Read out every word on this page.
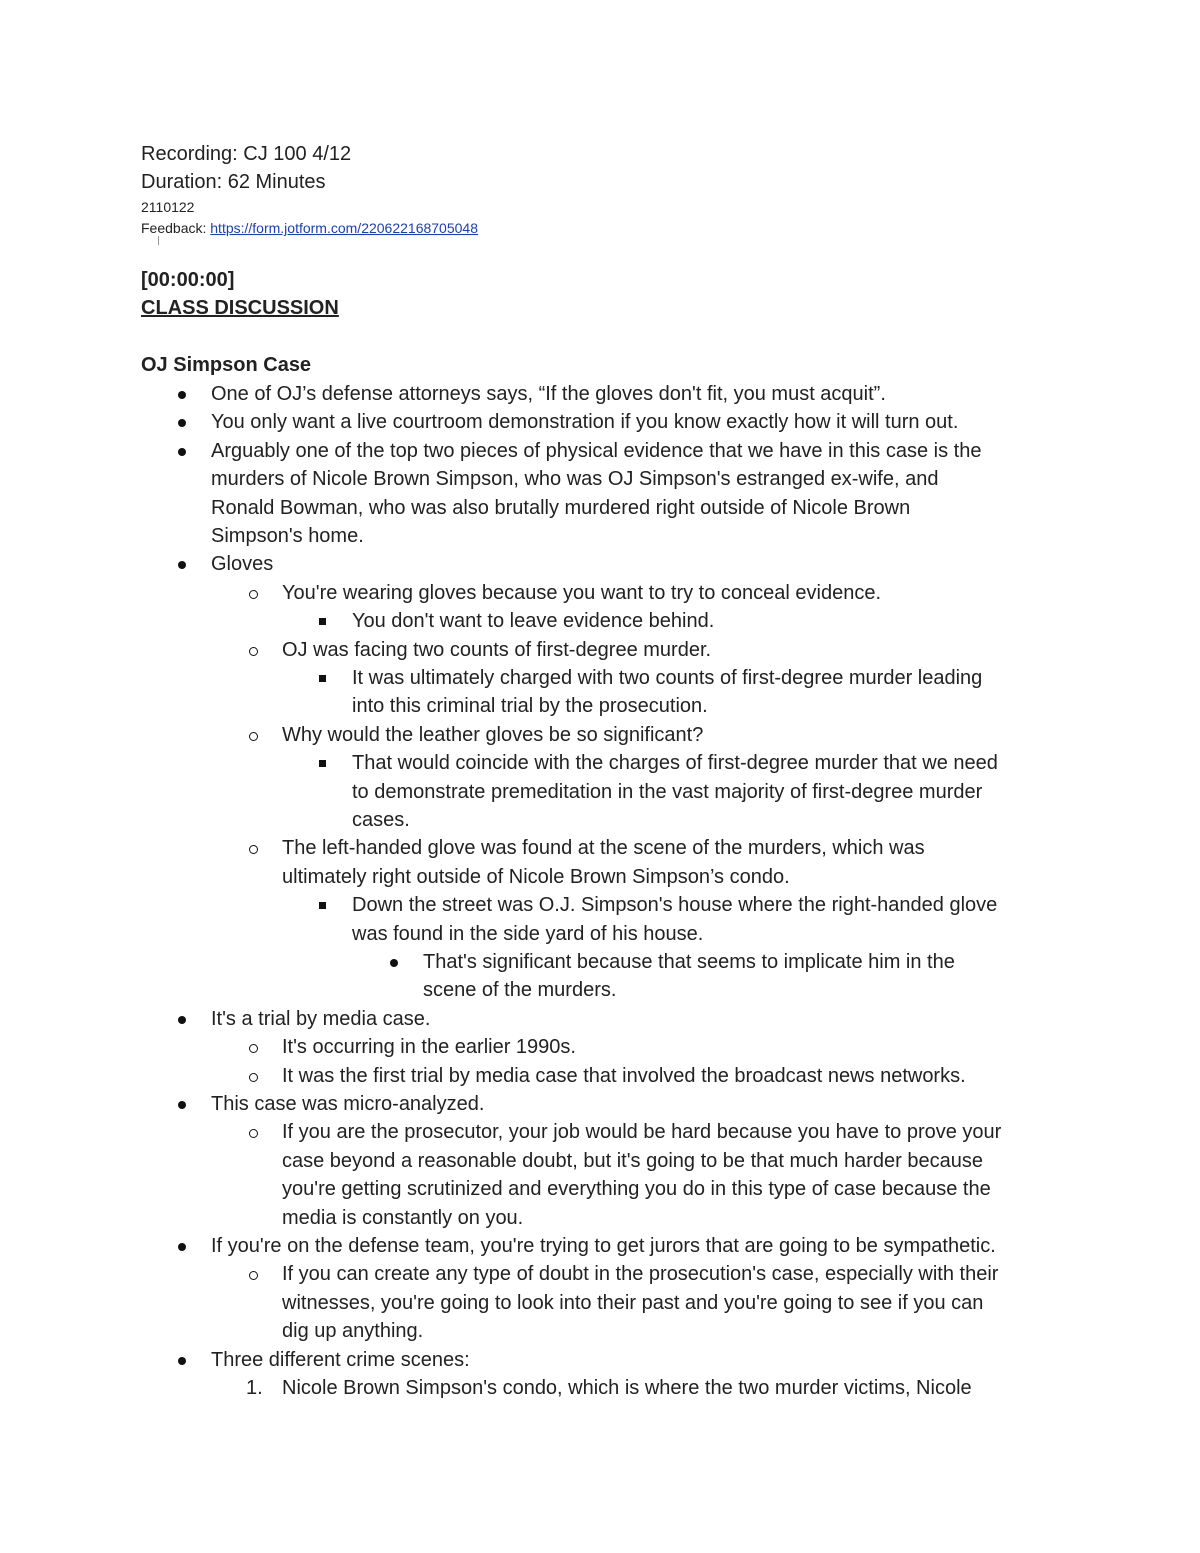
Recording: CJ 100 4/12
Duration: 62 Minutes
2110122
Feedback: https://form.jotform.com/220622168705048
[00:00:00]
CLASS DISCUSSION
OJ Simpson Case
One of OJ’s defense attorneys says, “If the gloves don't fit, you must acquit”.
You only want a live courtroom demonstration if you know exactly how it will turn out.
Arguably one of the top two pieces of physical evidence that we have in this case is the
murders of Nicole Brown Simpson, who was OJ Simpson's estranged ex-wife, and
Ronald Bowman, who was also brutally murdered right outside of Nicole Brown
Simpson's home.
Gloves
You're wearing gloves because you want to try to conceal evidence.
You don't want to leave evidence behind.
OJ was facing two counts of first-degree murder.
It was ultimately charged with two counts of first-degree murder leading
into this criminal trial by the prosecution.
Why would the leather gloves be so significant?
That would coincide with the charges of first-degree murder that we need
to demonstrate premeditation in the vast majority of first-degree murder
cases.
The left-handed glove was found at the scene of the murders, which was
ultimately right outside of Nicole Brown Simpson’s condo.
Down the street was O.J. Simpson's house where the right-handed glove
was found in the side yard of his house.
That's significant because that seems to implicate him in the
scene of the murders.
It's a trial by media case.
It's occurring in the earlier 1990s.
It was the first trial by media case that involved the broadcast news networks.
This case was micro-analyzed.
If you are the prosecutor, your job would be hard because you have to prove your
case beyond a reasonable doubt, but it's going to be that much harder because
you're getting scrutinized and everything you do in this type of case because the
media is constantly on you.
If you're on the defense team, you're trying to get jurors that are going to be sympathetic.
If you can create any type of doubt in the prosecution's case, especially with their
witnesses, you're going to look into their past and you're going to see if you can
dig up anything.
Three different crime scenes:
1. Nicole Brown Simpson's condo, which is where the two murder victims, Nicole
